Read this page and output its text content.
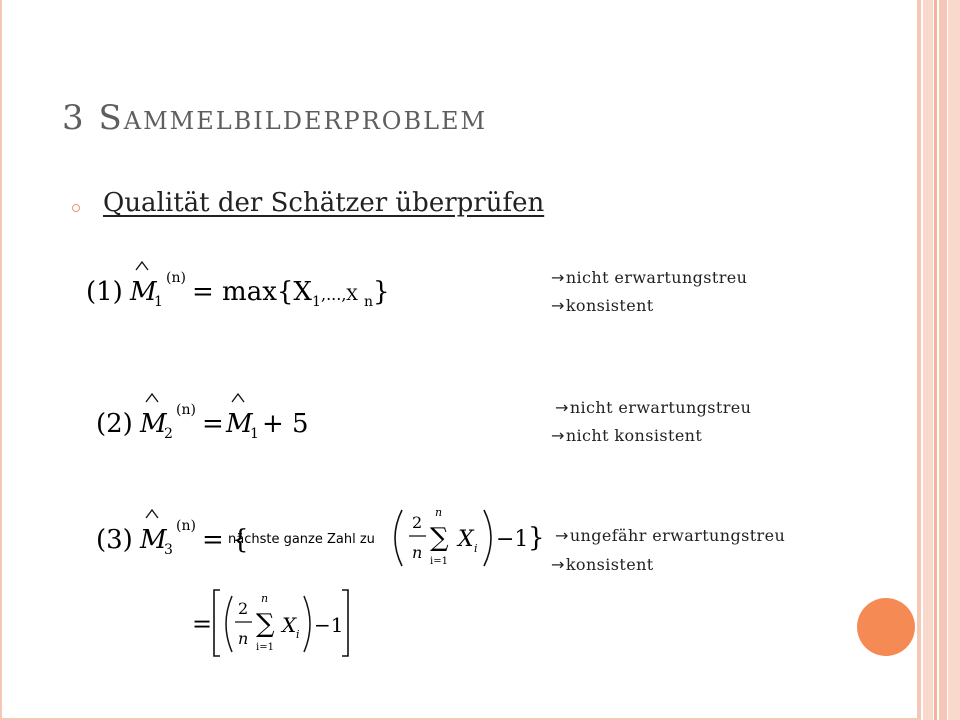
3 Sammelbilderproblem
Qualität der Schätzer überprüfen
(1) M
1
(n) = max{X 1 ,...,X n }	→nicht erwartungstreu
→konsistent
(2) M
2
(n) = M
1 + 5
→nicht erwartungstreu
→nicht konsistent
(3) M
3
(n) = {
nächste ganze Zahl zu
2
n
n
∑
i=1
X i −1 } →ungefähr erwartungstreu
→konsistent
=
2
n
n
∑
i=1
X i −1
